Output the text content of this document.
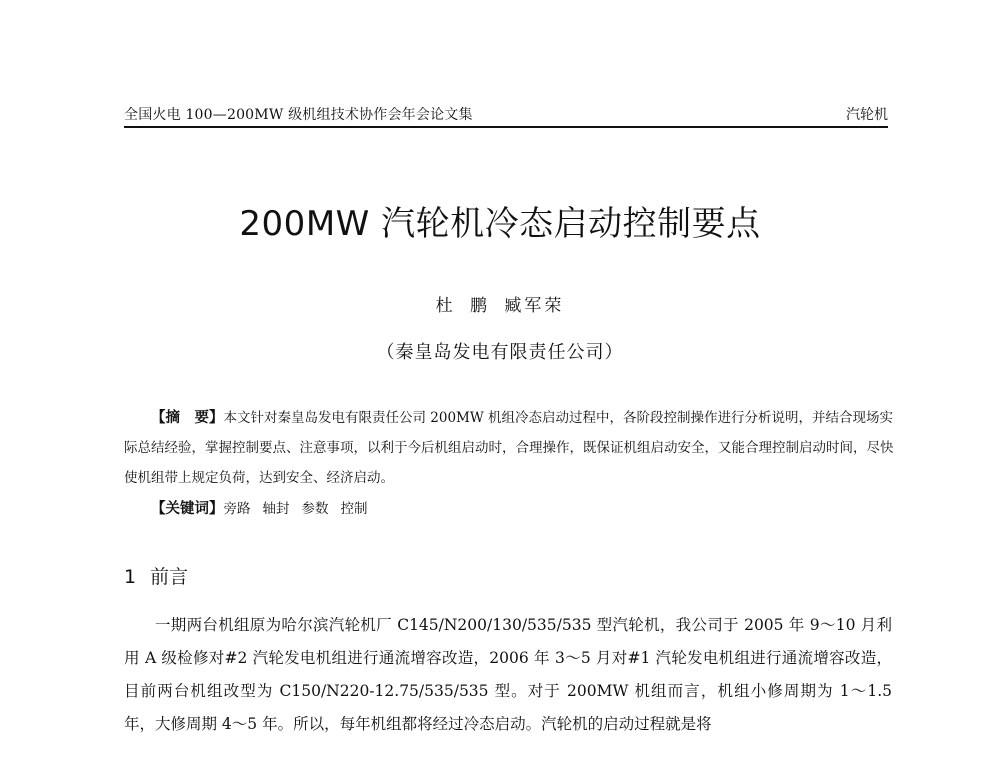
全国火电 100—200MW 级机组技术协作会年会论文集	汽轮机
200MW 汽轮机冷态启动控制要点
杜 鹏 臧军荣
（秦皇岛发电有限责任公司）

【摘　要】本文针对秦皇岛发电有限责任公司 200MW 机组冷态启动过程中，各阶段控制操作进行分析说明，并结合现场实际总结经验，掌握控制要点、注意事项，以利于今后机组启动时，合理操作，既保证机组启动安全，又能合理控制启动时间，尽快使机组带上规定负荷，达到安全、经济启动。

【关键词】旁路 轴封 参数 控制
1 前言

一期两台机组原为哈尔滨汽轮机厂 C145/N200/130/535/535 型汽轮机，我公司于 2005 年 9～10 月利用 A 级检修对#2 汽轮发电机组进行通流增容改造，2006 年 3～5 月对#1 汽轮发电机组进行通流增容改造，目前两台机组改型为 C150/N220-12.75/535/535 型。对于 200MW 机组而言，机组小修周期为 1～1.5 年，大修周期 4～5 年。所以，每年机组都将经过冷态启动。汽轮机的启动过程就是将
